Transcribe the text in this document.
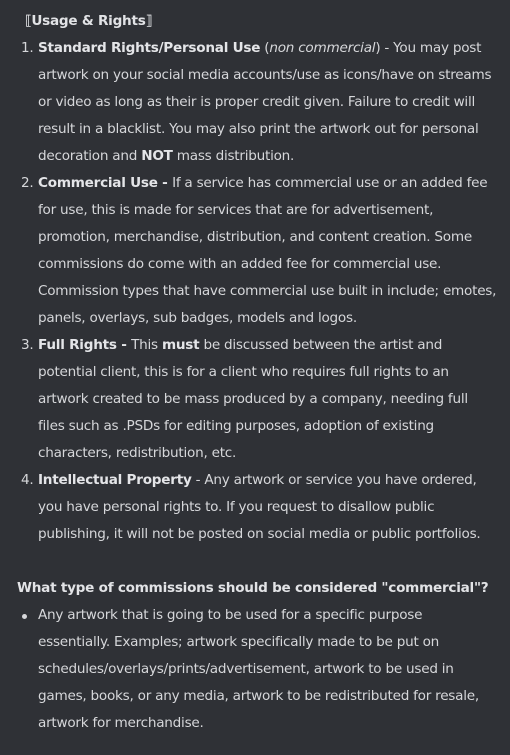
⟦Usage & Rights⟧
Standard Rights/Personal Use (non commercial) - You may post artwork on your social media accounts/use as icons/have on streams or video as long as their is proper credit given. Failure to credit will result in a blacklist. You may also print the artwork out for personal decoration and NOT mass distribution.
Commercial Use - If a service has commercial use or an added fee for use, this is made for services that are for advertisement, promotion, merchandise, distribution, and content creation. Some commissions do come with an added fee for commercial use. Commission types that have commercial use built in include; emotes, panels, overlays, sub badges, models and logos.
Full Rights - This must be discussed between the artist and potential client, this is for a client who requires full rights to an artwork created to be mass produced by a company, needing full files such as .PSDs for editing purposes, adoption of existing characters, redistribution, etc.
Intellectual Property - Any artwork or service you have ordered, you have personal rights to. If you request to disallow public publishing, it will not be posted on social media or public portfolios.
What type of commissions should be considered "commercial"?
Any artwork that is going to be used for a specific purpose essentially. Examples; artwork specifically made to be put on schedules/overlays/prints/advertisement, artwork to be used in games, books, or any media, artwork to be redistributed for resale, artwork for merchandise.
